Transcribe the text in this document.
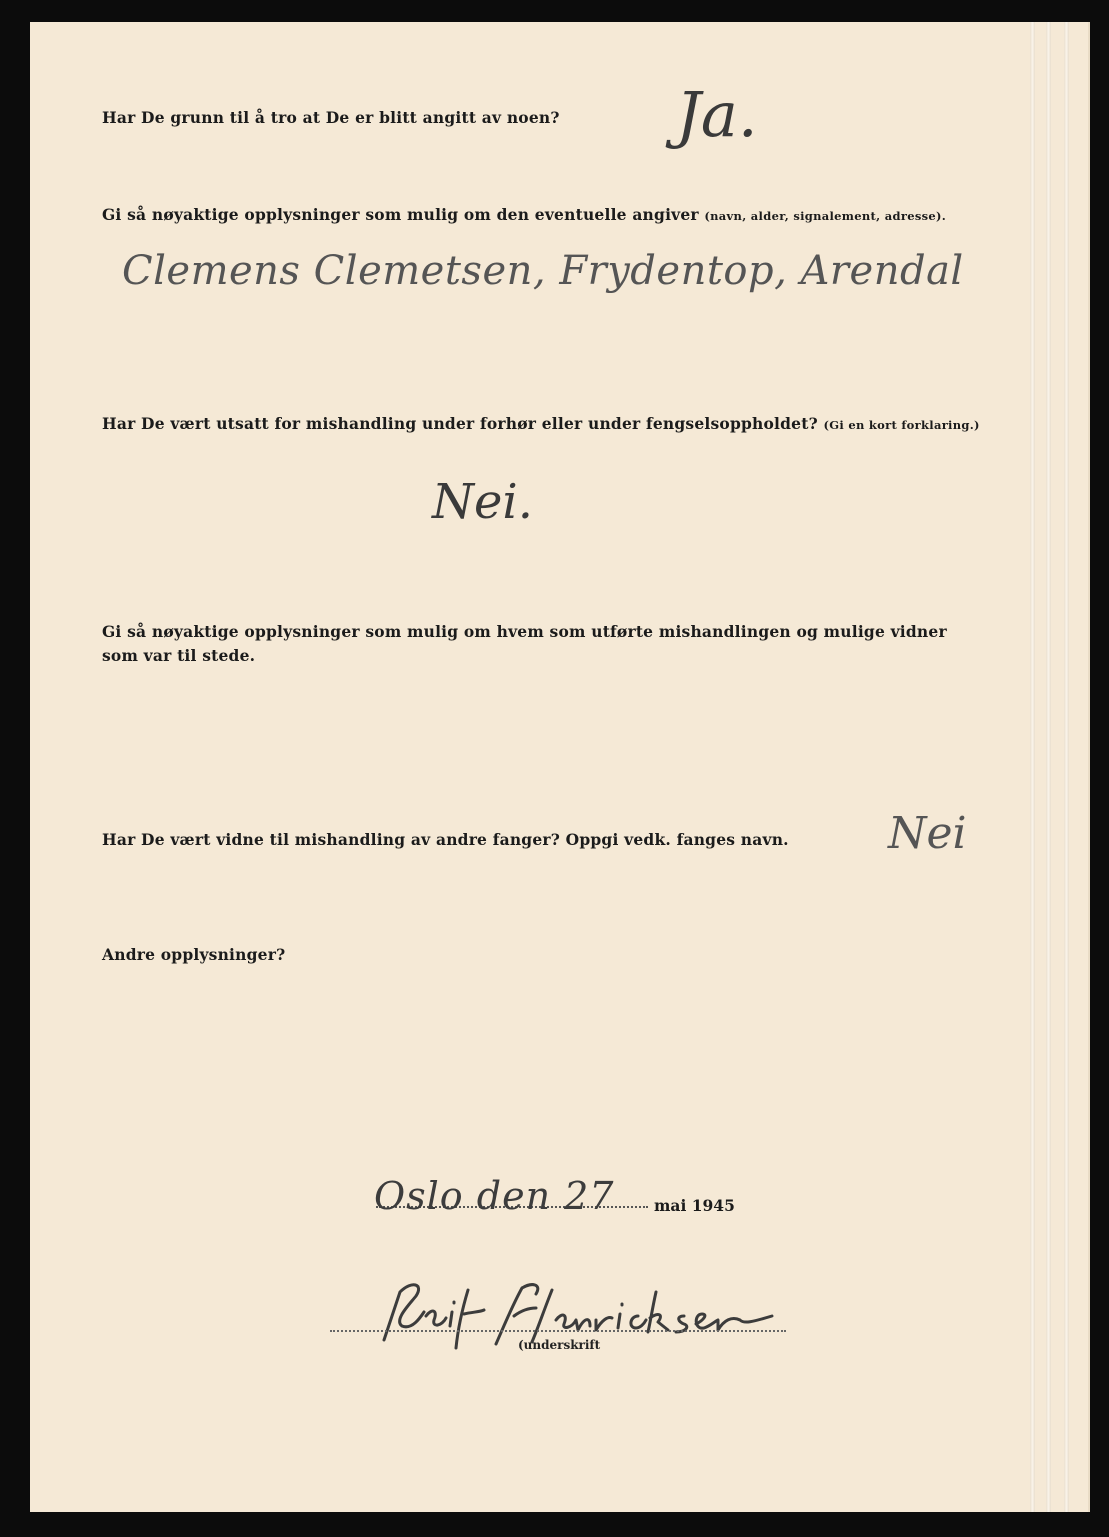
Har De grunn til å tro at De er blitt angitt av noen? Ja.

Gi så nøyaktige opplysninger som mulig om den eventuelle angiver (navn, alder, signalement, adresse).

Clemens Clemetsen, Frydentop, Arendal

Har De vært utsatt for mishandling under forhør eller under fengselsoppholdet? (Gi en kort forklaring.)

Nei.

Gi så nøyaktige opplysninger som mulig om hvem som utførte mishandlingen og mulige vidner
som var til stede.

Har De vært vidne til mishandling av andre fanger? Oppgi vedk. fanges navn. Nei

Andre opplysninger?

Oslo den 27	mai 1945
(underskrift
